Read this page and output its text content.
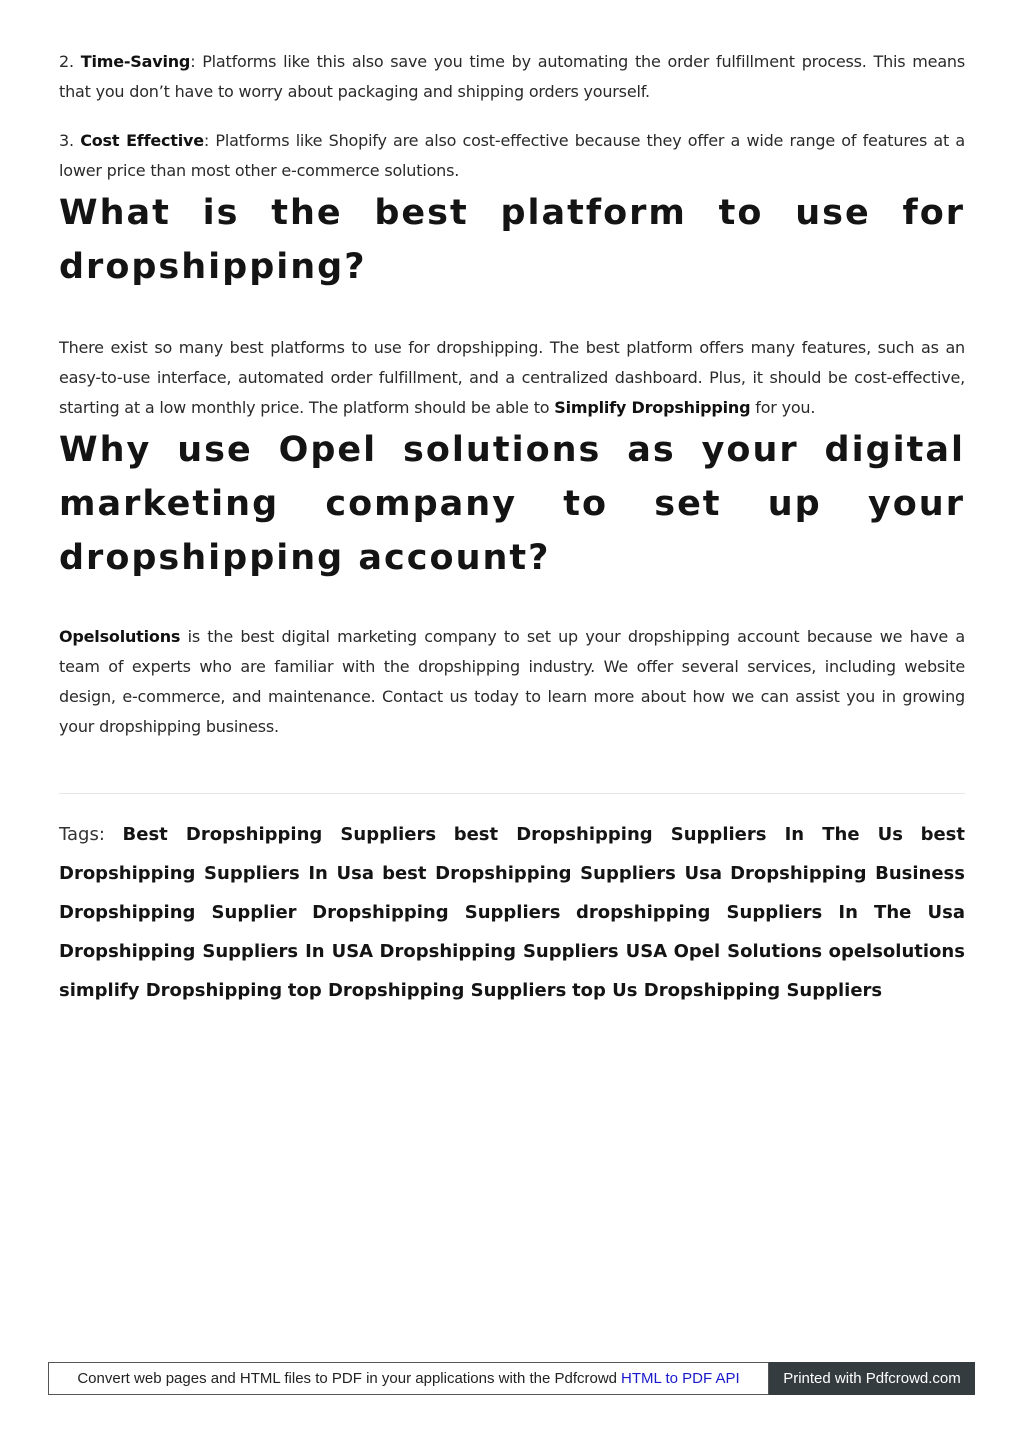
2. Time-Saving: Platforms like this also save you time by automating the order fulfillment process. This means that you don’t have to worry about packaging and shipping orders yourself.

3. Cost Effective: Platforms like Shopify are also cost-effective because they offer a wide range of features at a lower price than most other e-commerce solutions.

What is the best platform to use for dropshipping?

There exist so many best platforms to use for dropshipping. The best platform offers many features, such as an easy-to-use interface, automated order fulfillment, and a centralized dashboard. Plus, it should be cost-effective, starting at a low monthly price. The platform should be able to Simplify Dropshipping for you.

Why use Opel solutions as your digital marketing company to set up your dropshipping account?

Opelsolutions is the best digital marketing company to set up your dropshipping account because we have a team of experts who are familiar with the dropshipping industry. We offer several services, including website design, e-commerce, and maintenance. Contact us today to learn more about how we can assist you in growing your dropshipping business.

Tags: Best Dropshipping Suppliers best Dropshipping Suppliers In The Us best Dropshipping Suppliers In Usa best Dropshipping Suppliers Usa Dropshipping Business Dropshipping Supplier Dropshipping Suppliers dropshipping Suppliers In The Usa Dropshipping Suppliers In USA Dropshipping Suppliers USA Opel Solutions opelsolutions simplify Dropshipping top Dropshipping Suppliers top Us Dropshipping Suppliers
Convert web pages and HTML files to PDF in your applications with the Pdfcrowd HTML to PDF API	Printed with Pdfcrowd.com
